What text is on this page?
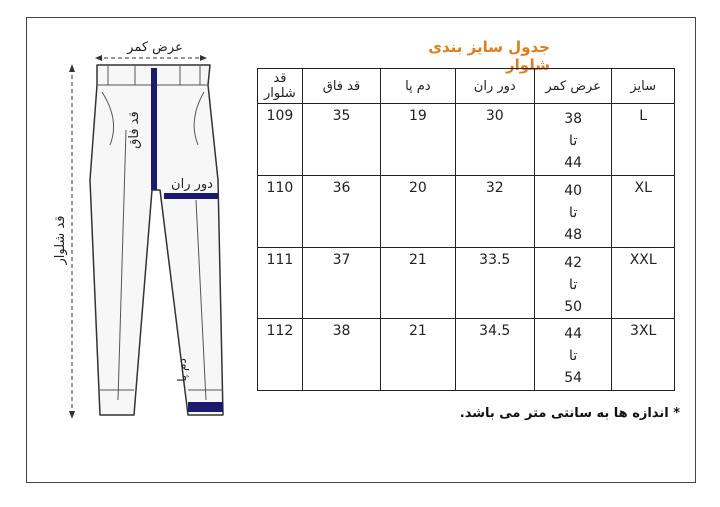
عرض کمر
قد فاق
دور ران
دم پا
قد شلوار
جدول سایز بندی شلوار
سایز	عرض کمر	دور ران	دم پا	قد فاق	قد شلوار
L	38
تا
44	30	19	35	109
XL	40
تا
48	32	20	36	110
XXL	42
تا
50	33.5	21	37	111
3XL	44
تا
54	34.5	21	38	112
* اندازه ها به سانتی متر می باشد.
